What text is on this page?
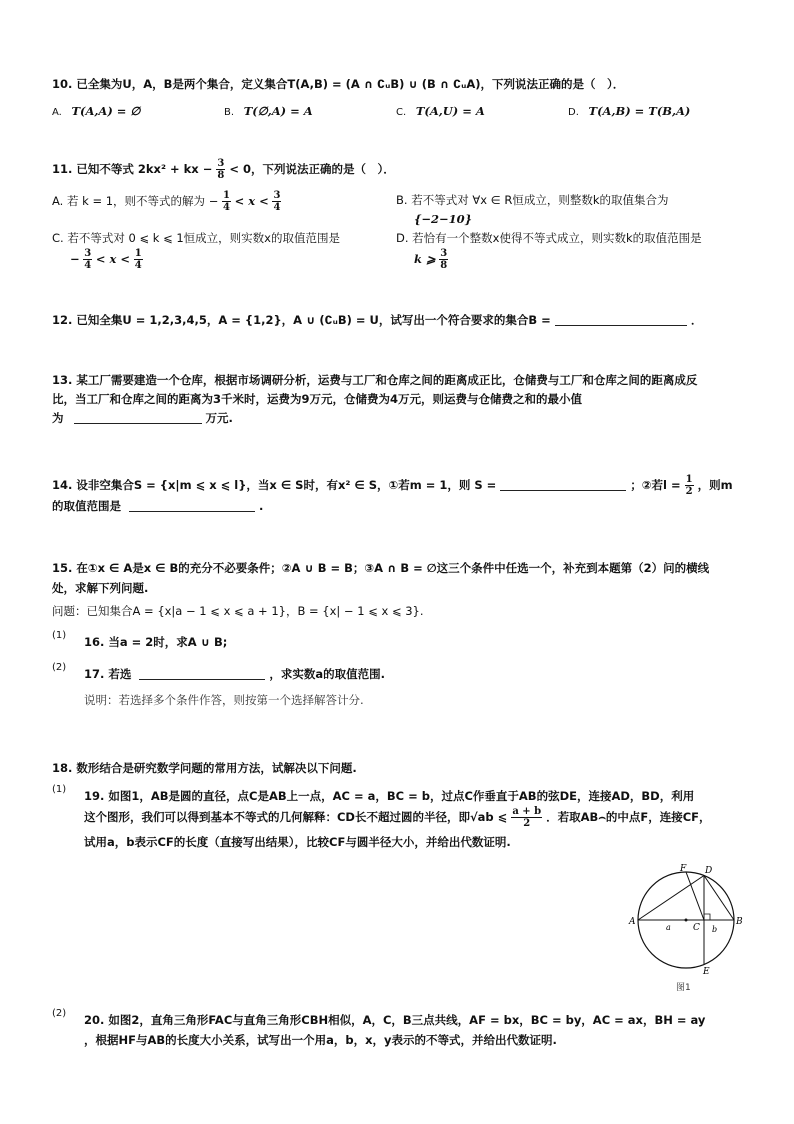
10. 已全集为U，A，B是两个集合，定义集合T(A,B) = (A ∩ ∁ᵤB) ∪ (B ∩ ∁ᵤA)，下列说法正确的是（　）．
A. T(A,A) = ∅	B. T(∅,A) = A	C. T(A,U) = A	D. T(A,B) = T(B,A)
11. 已知不等式 2kx² + kx − $\frac{3}{8} < 0$，下列说法正确的是（　）．
A. 若 k = 1，则不等式的解为 − $\frac{1}{4} < x < \frac{3}{4}$	B. 若不等式对 ∀x ∈ R恒成立，则整数k的取值集合为
{−2−10}
C. 若不等式对 0 ⩽ k ⩽ 1恒成立，则实数x的取值范围是
− $\frac{3}{4} < x < \frac{1}{4}$
D. 若恰有一个整数x使得不等式成立，则实数k的取值范围是
k ⩾ $\frac{3}{8}$
12. 已知全集U = 1,2,3,4,5，A = {1,2}，A ∪ (∁ᵤB) = U，试写出一个符合要求的集合B =	．
13. 某工厂需要建造一个仓库，根据市场调研分析，运费与工厂和仓库之间的距离成正比，仓储费与工厂和仓库之间的距离成反
比，当工厂和仓库之间的距离为3千米时，运费为9万元，仓储费为4万元，则运费与仓储费之和的最小值
为	万元.
14. 设非空集合S = {x|m ⩽ x ⩽ l}，当x ∈ S时，有x² ∈ S，①若m = 1，则 S =	；②若$l = \frac{1}{2}$ ，则m
的取值范围是	.
15. 在①x ∈ A是x ∈ B的充分不必要条件；②A ∪ B = B；③A ∩ B = ∅这三个条件中任选一个，补充到本题第（2）问的横线
处，求解下列问题.
问题：已知集合A = {x|a − 1 ⩽ x ⩽ a + 1}，B = {x| − 1 ⩽ x ⩽ 3}.
(1) 16. 当a = 2时，求A ∪ B;
(2) 17. 若选	，求实数a的取值范围.
说明：若选择多个条件作答，则按第一个选择解答计分.
18. 数形结合是研究数学问题的常用方法，试解决以下问题.
(1) 19. 如图1，AB是圆的直径，点C是AB上一点，AC = a，BC = b，过点C作垂直于AB的弦DE，连接AD，BD，利用
这个图形，我们可以得到基本不等式的几何解释：CD长不超过圆的半径，即√ab ⩽ $\frac{a + b}{2}$ ．若取AB⌢的中点F，连接CF，
试用a，b表示CF的长度（直接写出结果），比较CF与圆半径大小，并给出代数证明.
A	B
C
D
E
F
a	b
图1
(2) 20. 如图2，直角三角形FAC与直角三角形CBH相似，A，C，B三点共线，AF = bx，BC = by，AC = ax，BH = ay
，根据HF与AB的长度大小关系，试写出一个用a，b，x，y表示的不等式，并给出代数证明.
